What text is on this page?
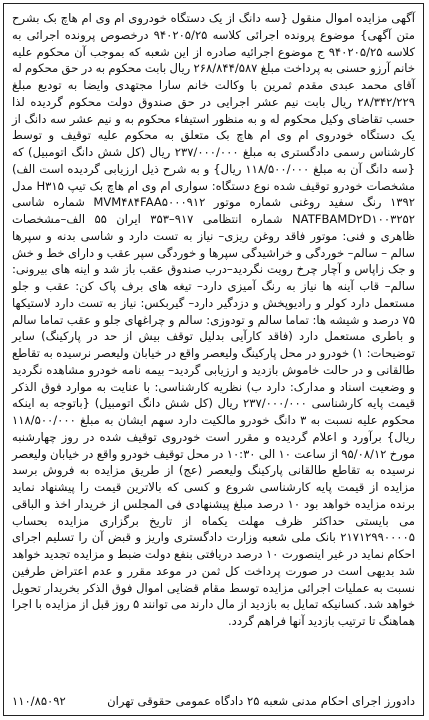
آگهی مزایده اموال منقول {سه دانگ از یک دستگاه خودروی ام وی ام هاچ بک بشرح متن آگهی} موضوع پرونده اجرائی کلاسه ۹۴۰۲۰۵/۲۵ درخصوص پرونده اجرائی به کلاسه ۹۴۰۲۰۵/۲۵ ج موضوع اجرائیه صادره از این شعبه که بموجب آن محکوم علیه خانم آرزو حسنی به پرداخت مبلغ ۲۶۸/۸۴۴/۵۸۷ ریال بابت محکوم به در حق محکوم له آقای محمد عبدی مقدم ثمرین با وکالت خانم سارا مجتهدی وایضا به تودیع مبلغ ۲۸/۳۴۲/۲۲۹ ریال بابت نیم عشر اجرایی در حق صندوق دولت محکوم گردیده لذا حسب تقاضای وکیل محکوم له و به منظور استیفاء محکوم به و نیم عشر سه دانگ از یک دستگاه خودروی ام وی ام هاچ بک متعلق به محکوم علیه توقیف و توسط کارشناس رسمی دادگستری به مبلغ ۲۳۷/۰۰۰/۰۰۰ ریال (کل شش دانگ اتومبیل) که {سه دانگ آن به مبلغ ۱۱۸/۵۰۰/۰۰۰ ریال} و به شرح ذیل ارزیابی گردیده است الف) مشخصات خودرو توقیف شده نوع دستگاه: سواری ام وی ام هاچ بک تیپ H۳۱۵ مدل ۱۳۹۲ رنگ سفید روغنی شماره موتور MVM۴۸۴FAA۵۰۰۰۹۱۲ شماره شاسی NATFBAMD۲D۱۰۰۳۲۵۲ شماره انتظامی ۹۱۷–۳۵۳ ایران ۵۵ الف–مشخصات ظاهری و فنی: موتور فاقد روغن ریزی– نیاز به تست دارد و شاسی بدنه و سپرها سالم – سالم– خوردگی و خراشیدگی سپرها و خوردگی سپر عقب و دارای خط و خش و جک زاپاس و آچار چرخ رویت نگردید–درب صندوق عقب باز شد و اینه های بیرونی: سالم– قاب آینه ها نیاز به رنگ آمیزی دارد– تیغه های برف پاک کن: عقب و جلو مستعمل دارد کولر و رادیوپخش و دزدگیر دارد– گیربکس: نیاز به تست دارد لاستیکها ۷۵ درصد و شیشه ها: تماما سالم و تودوزی: سالم و چراغهای جلو و عقب تماما سالم و باطری مستعمل دارد (فاقد کارآیی بدلیل توقف بیش از حد در پارکینگ) سایر توضیحات: ۱) خودرو در محل پارکینگ ولیعصر واقع در خیابان ولیعصر نرسیده به تقاطع طالقانی و در حالت خاموش بازدید و ارزیابی گردید– بیمه نامه خودرو مشاهده نگردید و وضعیت اسناد و مدارک: دارد ب) نظریه کارشناسی: با عنایت به موارد فوق الذکر قیمت پایه کارشناسی ۲۳۷/۰۰۰/۰۰۰ ریال (کل شش دانگ اتومبیل) {باتوجه به اینکه محکوم علیه نسبت به ۳ دانگ خودرو مالکیت دارد سهم ایشان به مبلغ ۱۱۸/۵۰۰/۰۰۰ ریال} برآورد و اعلام گردیده و مقرر است خودروی توقیف شده در روز چهارشنبه مورخ ۹۵/۰۸/۱۲ از ساعت ۱۰ الی ۱۰:۳۰ در محل توقیف خودرو واقع در خیابان ولیعصر نرسیده به تقاطع طالقانی پارکینگ ولیعصر (عج) از طریق مزایده به فروش برسد مزایده از قیمت پایه کارشناسی شروع و کسی که بالاترین قیمت را پیشنهاد نماید برنده مزایده خواهد بود ۱۰ درصد مبلغ پیشنهادی فی المجلس از خریدار اخذ و الباقی می بایستی حداکثر ظرف مهلت یکماه از تاریخ برگزاری مزایده بحساب ۲۱۷۱۲۹۹۰۰۰۰۵ بانک ملی شعبه وزارت دادگستری واریز و قبض آن را تسلیم اجرای احکام نماید در غیر اینصورت ۱۰ درصد دریافتی بنفع دولت ضبط و مزایده تجدید خواهد شد بدیهی است در صورت پرداخت کل ثمن در موعد مقرر و عدم اعتراض طرفین نسبت به عملیات اجرائی مزایده توسط مقام قضایی اموال فوق الذکر بخریدار تحویل خواهد شد. کسانیکه تمایل به بازدید از مال دارند می توانند ۵ روز قبل از مزایده با اجرا هماهنگ تا ترتیب بازدید آنها فراهم گردد.

دادورز اجرای احکام مدنی شعبه ۲۵ دادگاه عمومی حقوقی تهران
۱۱۰/۸۵۰۹۲
